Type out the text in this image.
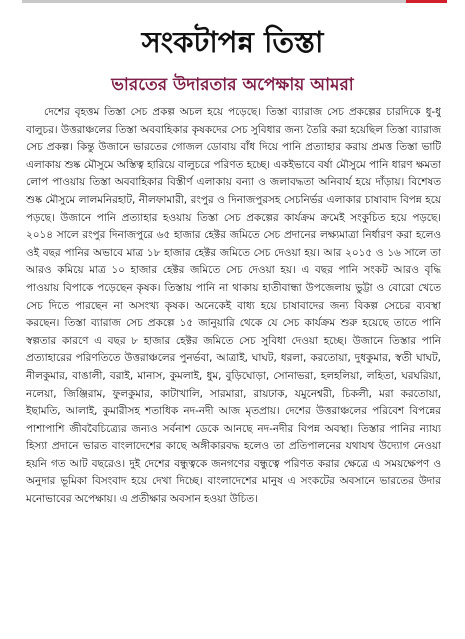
সংকটাপন্ন তিস্তা
ভারতের উদারতার অপেক্ষায় আমরা

দেশের বৃহত্তম তিস্তা সেচ প্রকল্প অচল হয়ে পড়েছে। তিস্তা ব্যারাজ সেচ প্রকল্পের চারদিকে ধু-ধু বালুচর। উত্তরাঞ্চলের তিস্তা অববাহিকার কৃষকদের সেচ সুবিধার জন্য তৈরি করা হয়েছিল তিস্তা ব্যারাজ সেচ প্রকল্প। কিন্তু উজানে ভারতের গোজল ডোবায় বাঁধ দিয়ে পানি প্রত্যাহার করায় প্রমত্ত তিস্তা ভাটি এলাকায় শুষ্ক মৌসুমে অস্তিত্ব হারিয়ে বালুচরে পরিণত হচ্ছে। একইভাবে বর্ষা মৌসুমে পানি ধারণ ক্ষমতা লোপ পাওয়ায় তিস্তা অববাহিকার বিস্তীর্ণ এলাকায় বন্যা ও জলাবদ্ধতা অনিবার্য হয়ে দাঁড়ায়। বিশেষত শুষ্ক মৌসুমে লালমনিরহাট, নীলফামারী, রংপুর ও দিনাজপুরসহ সেচনির্ভর এলাকার চাষাবাদ বিপন্ন হয়ে পড়ছে। উজানে পানি প্রত্যাহার হওয়ায় তিস্তা সেচ প্রকল্পের কার্যক্রম ক্রমেই সংকুচিত হয়ে পড়ছে। ২০১৪ সালে রংপুর দিনাজপুরে ৬৫ হাজার হেক্টর জমিতে সেচ প্রদানের লক্ষ্যমাত্রা নির্ধারণ করা হলেও ওই বছর পানির অভাবে মাত্র ১৮ হাজার হেক্টর জমিতে সেচ দেওয়া হয়। আর ২০১৫ ও ১৬ সালে তা আরও কমিয়ে মাত্র ১০ হাজার হেক্টর জমিতে সেচ দেওয়া হয়। এ বছর পানি সংকট আরও বৃদ্ধি পাওয়ায় বিপাকে পড়েছেন কৃষক। তিস্তায় পানি না থাকায় হাতীবান্ধা উপজেলায় ভুট্টা ও বোরো খেতে সেচ দিতে পারছেন না অসংখ্য কৃষক। অনেকেই বাধ্য হয়ে চাষাবাদের জন্য বিকল্প সেচের ব্যবস্থা করছেন। তিস্তা ব্যারাজ সেচ প্রকল্পে ১৫ জানুয়ারি থেকে যে সেচ কার্যক্রম শুরু হয়েছে তাতে পানি স্বল্পতার কারণে এ বছর ৮ হাজার হেক্টর জমিতে সেচ সুবিধা দেওয়া হচ্ছে। উজানে তিস্তার পানি প্রত্যাহারের পরিণতিতে উত্তরাঞ্চলের পুনর্ভবা, আত্রাই, ঘাঘট, ধরলা, করতোয়া, দুধকুমার, স্বতী ঘাঘট, নীলকুমার, বাঙালী, বরাই, মানাস, কুমলাই, ধুম, বুড়িঘোড়া, সোনাভরা, হলহলিয়া, লহিতা, ঘরঘরিয়া, নলেয়া, জিঞ্জিরাম, ফুলকুমার, কাটাখালি, সারমারা, রায়ঢাক, যমুনেশ্বরী, চিকলী, মরা করতোয়া, ইছামতি, আলাই, কুমারীসহ শতাধিক নদ-নদী আজ মৃতপ্রায়। দেশের উত্তরাঞ্চলের পরিবেশ বিপন্নের পাশাপাশি জীববৈচিত্র্যের জন্যও সর্বনাশ ডেকে আনছে নদ-নদীর বিপন্ন অবস্থা। তিস্তার পানির ন্যায্য হিস্যা প্রদানে ভারত বাংলাদেশের কাছে অঙ্গীকারবদ্ধ হলেও তা প্রতিপালনের যথাযথ উদ্যোগ নেওয়া হয়নি গত আট বছরেও। দুই দেশের বন্ধুত্বকে জনগণের বন্ধুত্বে পরিণত করার ক্ষেত্রে এ সময়ক্ষেপণ ও অনুদার ভূমিকা বিসংবাদ হয়ে দেখা দিচ্ছে। বাংলাদেশের মানুষ এ সংকটের অবসানে ভারতের উদার মনোভাবের অপেক্ষায়। এ প্রতীক্ষার অবসান হওয়া উচিত।
